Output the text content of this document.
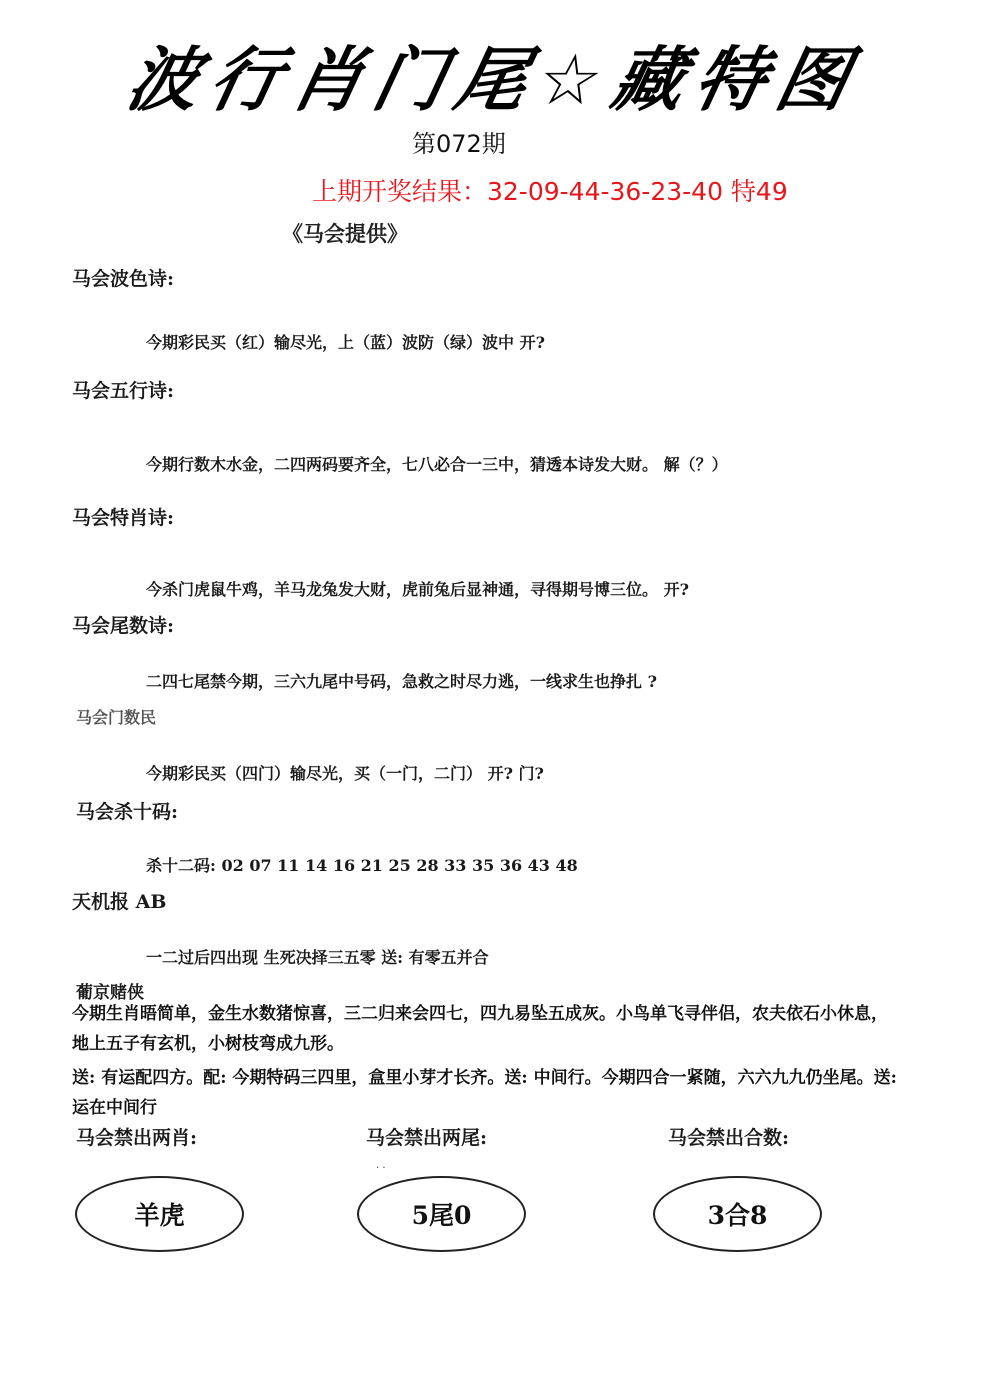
波行肖门尾☆藏特图
第072期
上期开奖结果：32-09-44-36-23-40 特49
《马会提供》
马会波色诗:
今期彩民买（红）输尽光，上（蓝）波防（绿）波中 开?
马会五行诗:
今期行数木水金，二四两码要齐全，七八必合一三中，猜透本诗发大财。 解（？）
马会特肖诗:
今杀门虎鼠牛鸡，羊马龙兔发大财，虎前兔后显神通，寻得期号博三位。 开?
马会尾数诗:
二四七尾禁今期，三六九尾中号码，急救之时尽力逃，一线求生也挣扎 ?
马会门数民
今期彩民买（四门）输尽光，买（一门，二门） 开? 门?
马会杀十码:
杀十二码: 02 07 11 14 16 21 25 28 33 35 36 43 48
天机报 AB
一二过后四出现 生死决择三五零 送: 有零五并合
葡京赌侠
今期生肖晤简单，金生水数猪惊喜，三二归来会四七，四九易坠五成灰。小鸟单飞寻伴侣，农夫依石小休息，地上五子有玄机，小树枝弯成九形。
送: 有运配四方。配: 今期特码三四里，盒里小芽才长齐。送: 中间行。今期四合一紧随，六六九九仍坐尾。送: 运在中间行
马会禁出两肖:	马会禁出两尾:	马会禁出合数:
. .
羊虎	5尾0	3合8
